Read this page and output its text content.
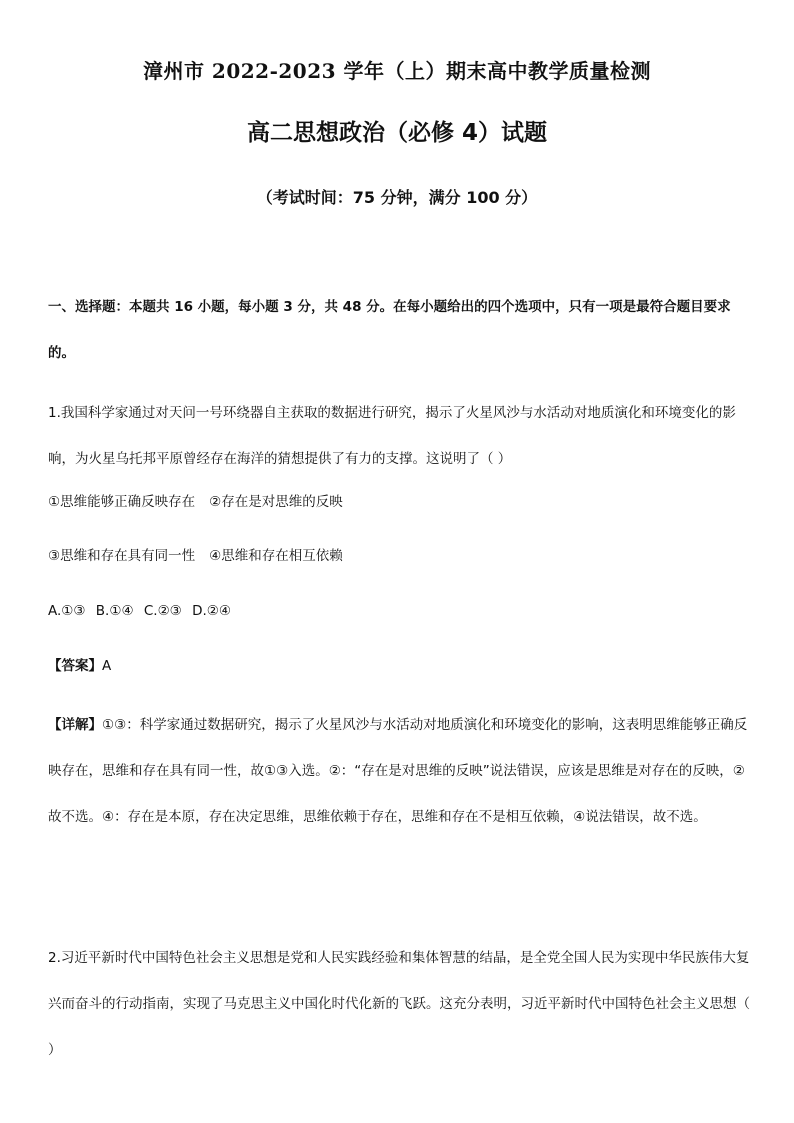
漳州市 2022-2023 学年（上）期末高中教学质量检测
高二思想政治（必修 4）试题
（考试时间：75 分钟，满分 100 分）
一、选择题：本题共 16 小题，每小题 3 分，共 48 分。在每小题给出的四个选项中，只有一项是最符合题目要求的。
1.我国科学家通过对天问一号环绕器自主获取的数据进行研究，揭示了火星风沙与水活动对地质演化和环境变化的影响，为火星乌托邦平原曾经存在海洋的猜想提供了有力的支撑。这说明了（ ）
①思维能够正确反映存在 ②存在是对思维的反映
③思维和存在具有同一性 ④思维和存在相互依赖
A.①③ B.①④ C.②③ D.②④
【答案】A
【详解】①③：科学家通过数据研究，揭示了火星风沙与水活动对地质演化和环境变化的影响，这表明思维能够正确反映存在，思维和存在具有同一性，故①③入选。②：“存在是对思维的反映”说法错误，应该是思维是对存在的反映，②故不选。④：存在是本原，存在决定思维，思维依赖于存在，思维和存在不是相互依赖，④说法错误，故不选。
2.习近平新时代中国特色社会主义思想是党和人民实践经验和集体智慧的结晶，是全党全国人民为实现中华民族伟大复兴而奋斗的行动指南，实现了马克思主义中国化时代化新的飞跃。这充分表明，习近平新时代中国特色社会主义思想（ ）
